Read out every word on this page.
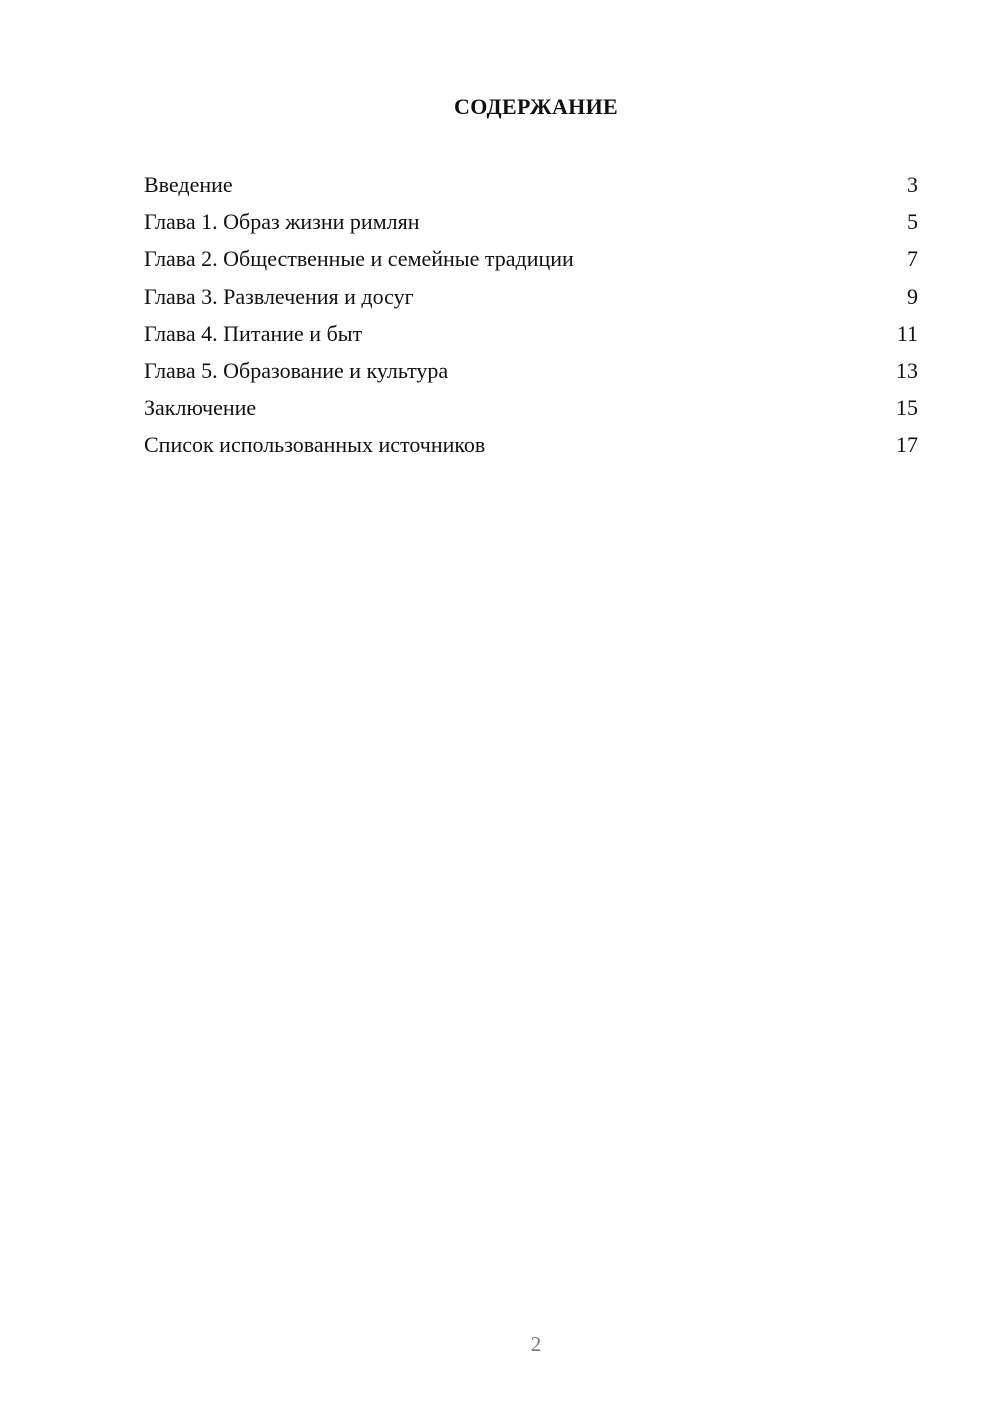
СОДЕРЖАНИЕ
Введение	3
Глава 1. Образ жизни римлян	5
Глава 2. Общественные и семейные традиции	7
Глава 3. Развлечения и досуг	9
Глава 4. Питание и быт	11
Глава 5. Образование и культура	13
Заключение	15
Список использованных источников	17
2
